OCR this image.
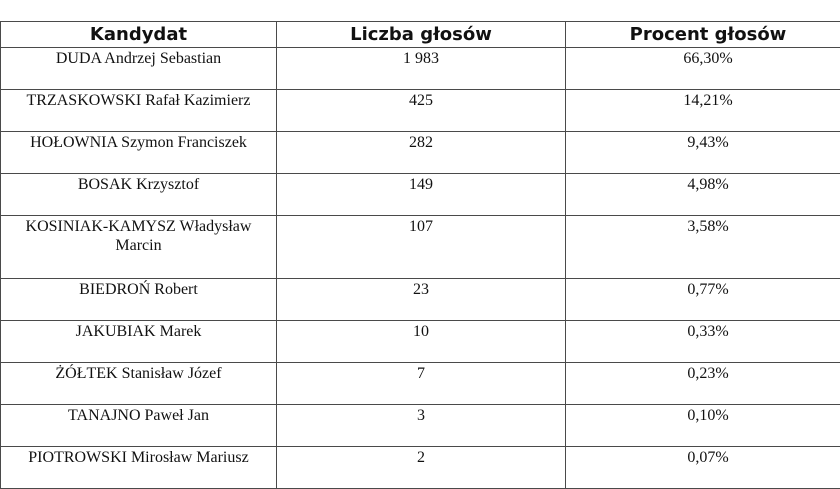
Kandydat	Liczba głosów	Procent głosów
DUDA Andrzej Sebastian	1 983	66,30%
TRZASKOWSKI Rafał Kazimierz	425	14,21%
HOŁOWNIA Szymon Franciszek	282	9,43%
BOSAK Krzysztof	149	4,98%
KOSINIAK-KAMYSZ Władysław Marcin	107	3,58%
BIEDROŃ Robert	23	0,77%
JAKUBIAK Marek	10	0,33%
ŻÓŁTEK Stanisław Józef	7	0,23%
TANAJNO Paweł Jan	3	0,10%
PIOTROWSKI Mirosław Mariusz	2	0,07%
